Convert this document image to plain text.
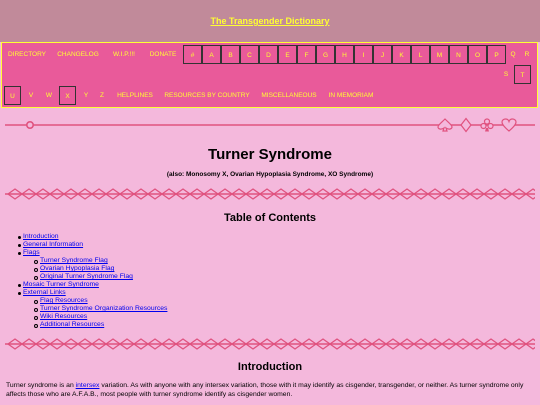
The Transgender Dictionary
DIRECTORY	CHANGELOG	W.I.P.!!!	DONATE	#	A	B	C	D	E	F	G	H	I	J	K	L	M	N	O	P	Q	R
S	T
U	V	W	X	Y	Z	HELPLINES	RESOURCES BY COUNTRY	MISCELLANEOUS	IN MEMORIAM
Turner Syndrome
(also: Monosomy X, Ovarian Hypoplasia Syndrome, XO Syndrome)
Table of Contents
Introduction
General Information
Flags
Turner Syndrome Flag
Ovarian Hypoplasia Flag
Original Turner Syndrome Flag
Mosaic Turner Syndrome
External Links
Flag Resources
Turner Syndrome Organization Resources
Wiki Resources
Additional Resources
Introduction
Turner syndrome is an intersex variation. As with anyone with any intersex variation, those with it may identify as cisgender, transgender, or neither. As turner syndrome only affects those who are A.F.A.B., most people with turner syndrome identify as cisgender women.
